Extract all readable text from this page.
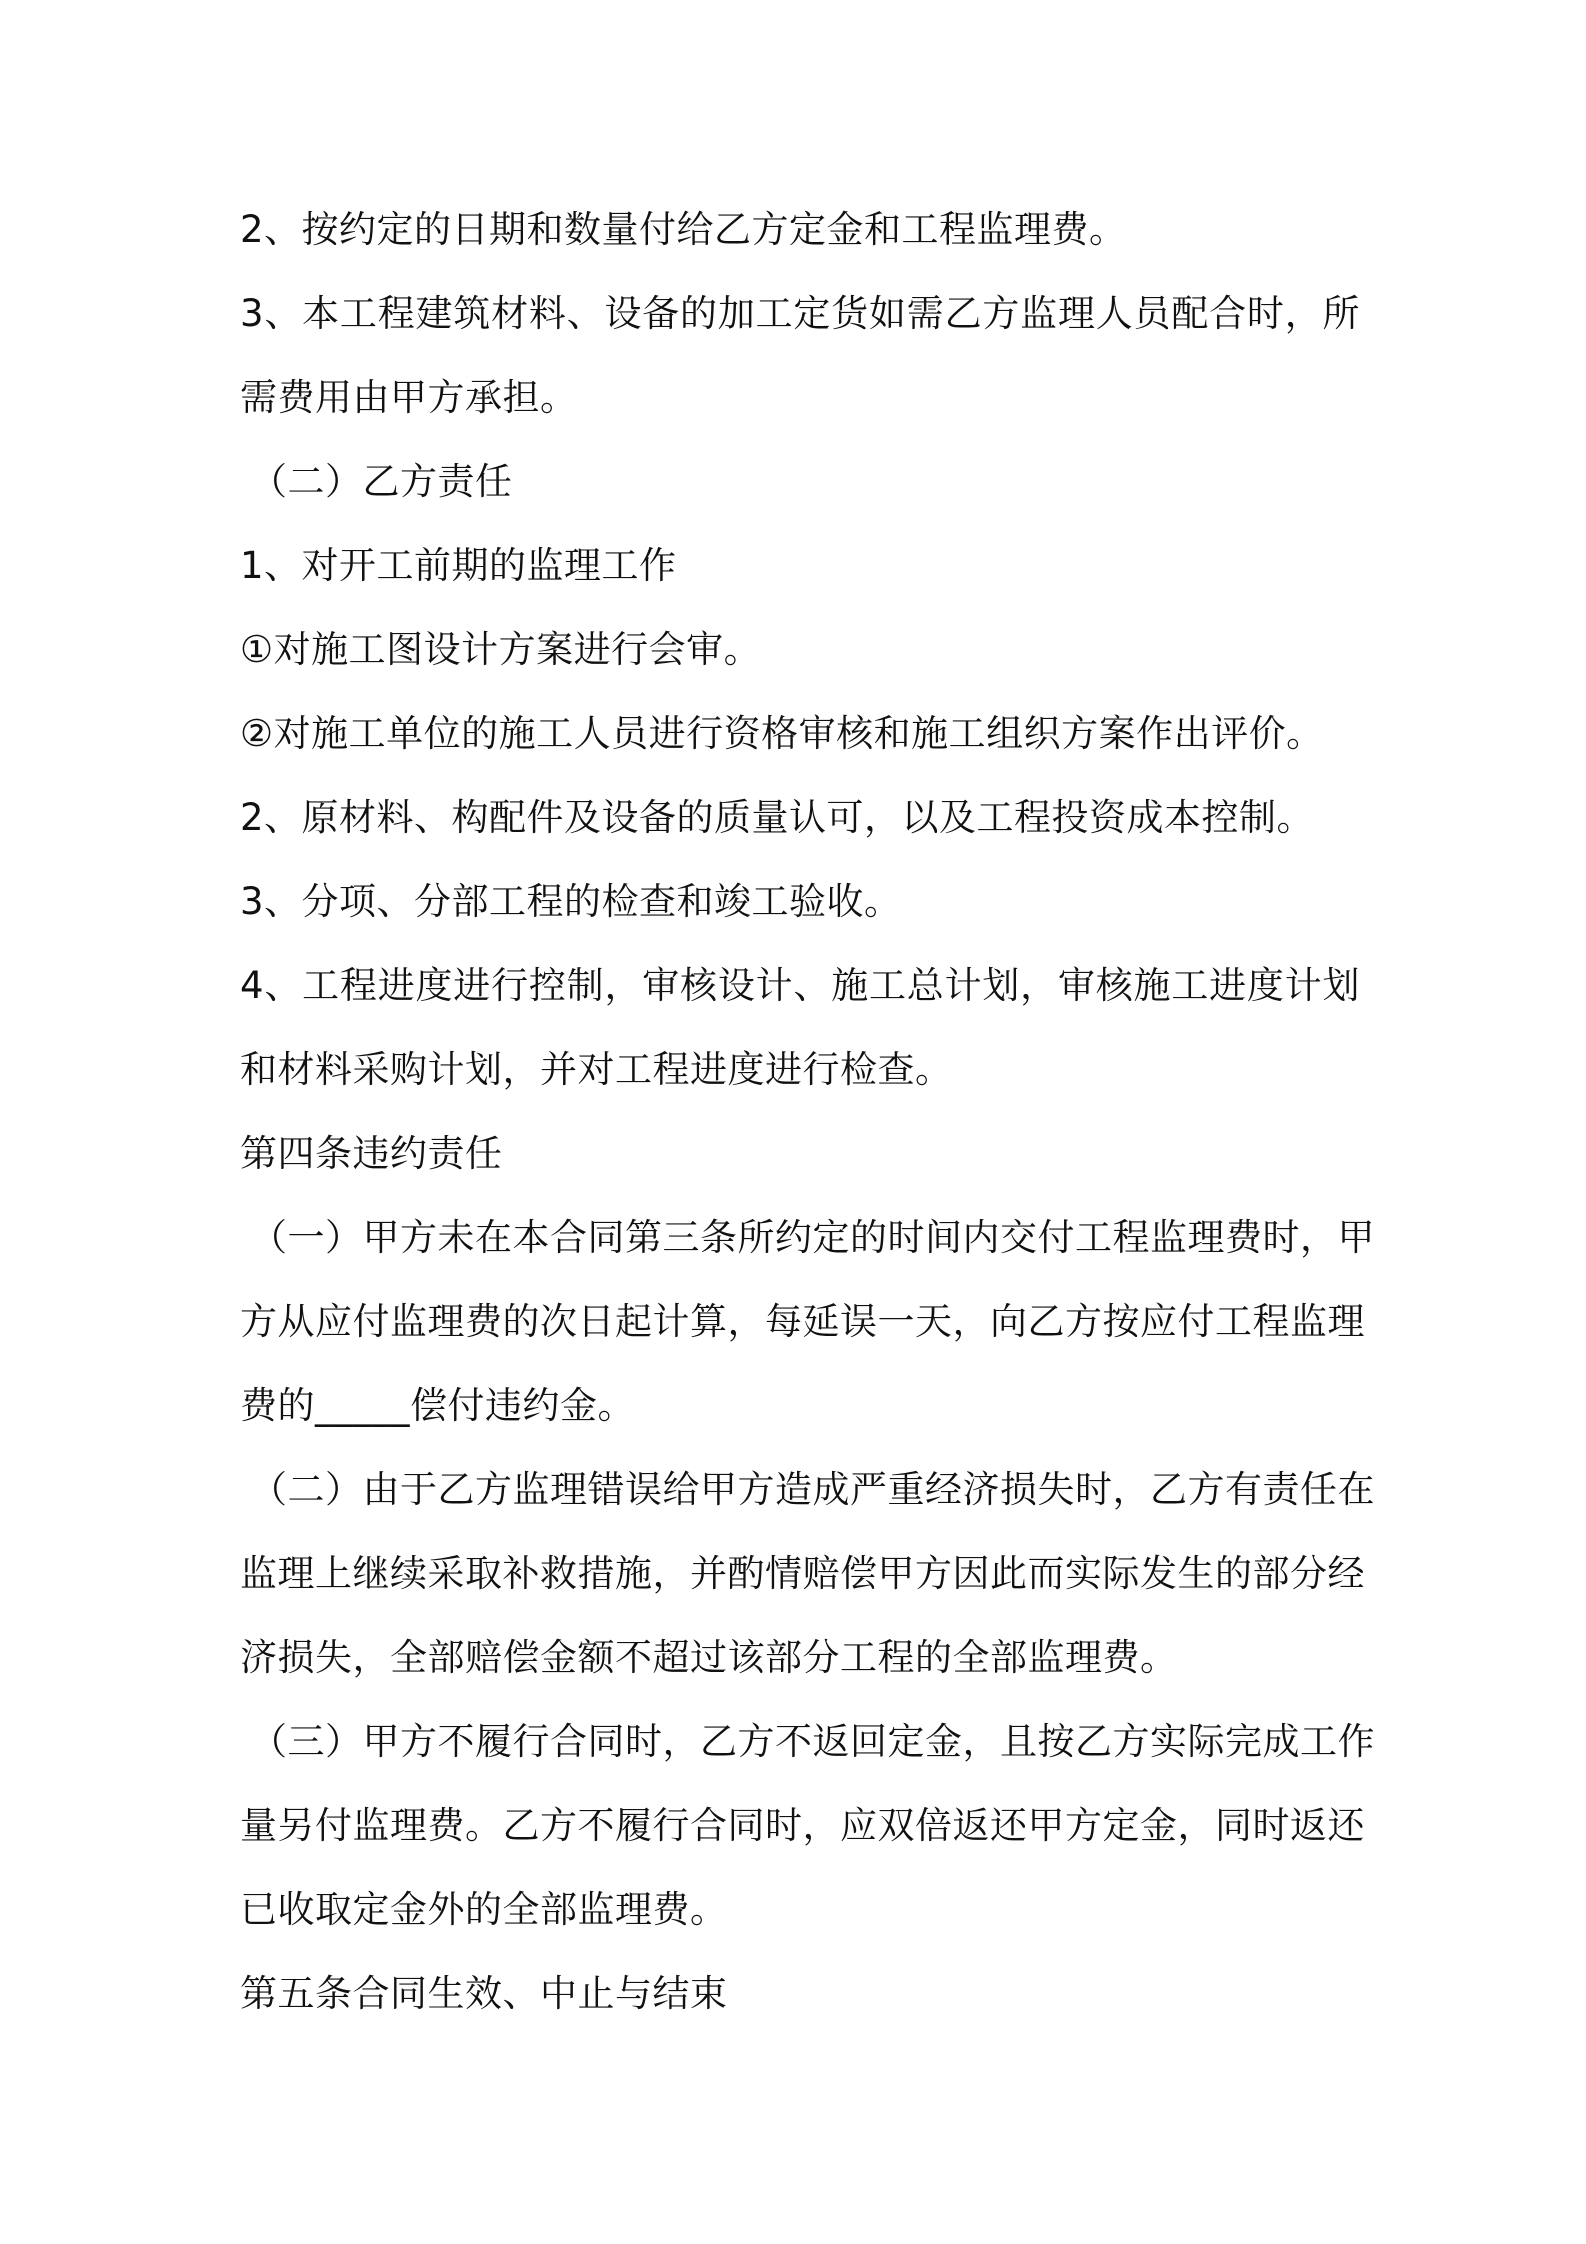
2、按约定的日期和数量付给乙方定金和工程监理费。
3、本工程建筑材料、设备的加工定货如需乙方监理人员配合时，所
需费用由甲方承担。
（二）乙方责任
1、对开工前期的监理工作
①对施工图设计方案进行会审。
②对施工单位的施工人员进行资格审核和施工组织方案作出评价。
2、原材料、构配件及设备的质量认可，以及工程投资成本控制。
3、分项、分部工程的检查和竣工验收。
4、工程进度进行控制，审核设计、施工总计划，审核施工进度计划
和材料采购计划，并对工程进度进行检查。
第四条违约责任
（一）甲方未在本合同第三条所约定的时间内交付工程监理费时，甲
方从应付监理费的次日起计算，每延误一天，向乙方按应付工程监理
费的_____偿付违约金。
（二）由于乙方监理错误给甲方造成严重经济损失时，乙方有责任在
监理上继续采取补救措施，并酌情赔偿甲方因此而实际发生的部分经
济损失，全部赔偿金额不超过该部分工程的全部监理费。
（三）甲方不履行合同时，乙方不返回定金，且按乙方实际完成工作
量另付监理费。乙方不履行合同时，应双倍返还甲方定金，同时返还
已收取定金外的全部监理费。
第五条合同生效、中止与结束
